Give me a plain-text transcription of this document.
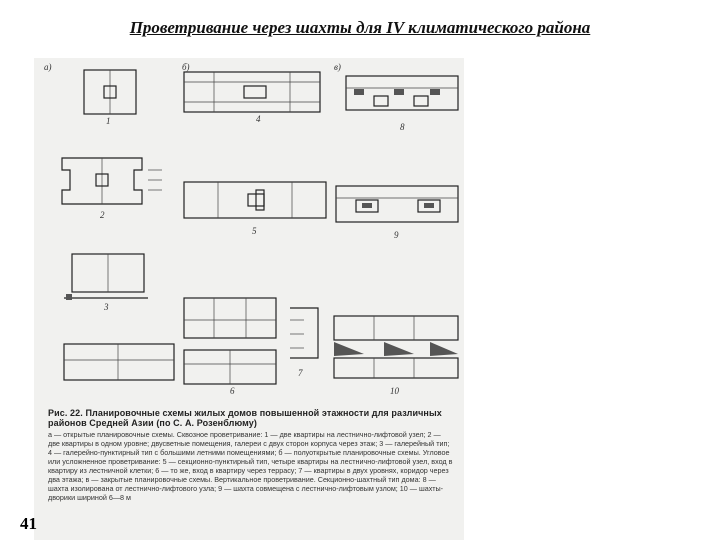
Проветривание через шахты для IV климатического района
а)	б)	в)
1	4
8
2
5	9
3
6
7
10
Рис. 22. Планировочные схемы жилых домов повышенной этажности для различных районов Средней Азии (по С. А. Розенблюму)
а — открытые планировочные схемы. Сквозное проветривание: 1 — две квартиры на лестнично-лифтовой узел; 2 — две квартиры в одном уровне; двусветные помещения, галереи с двух сторон корпуса через этаж; 3 — галерейный тип; 4 — галерейно-пунктирный тип с большими летними помещениями; б — полуоткрытые планировочные схемы. Угловое или усложненное проветривание: 5 — секционно-пунктирный тип, четыре квартиры на лестнично-лифтовой узел, вход в квартиру из лестничной клетки; 6 — то же, вход в квартиру через террасу; 7 — квартиры в двух уровнях, коридор через два этажа; в — закрытые планировочные схемы. Вертикальное проветривание. Секционно-шахтный тип дома: 8 — шахта изолирована от лестнично-лифтового узла; 9 — шахта совмещена с лестнично-лифтовым узлом; 10 — шахты-дворики шириной 6—8 м
41
